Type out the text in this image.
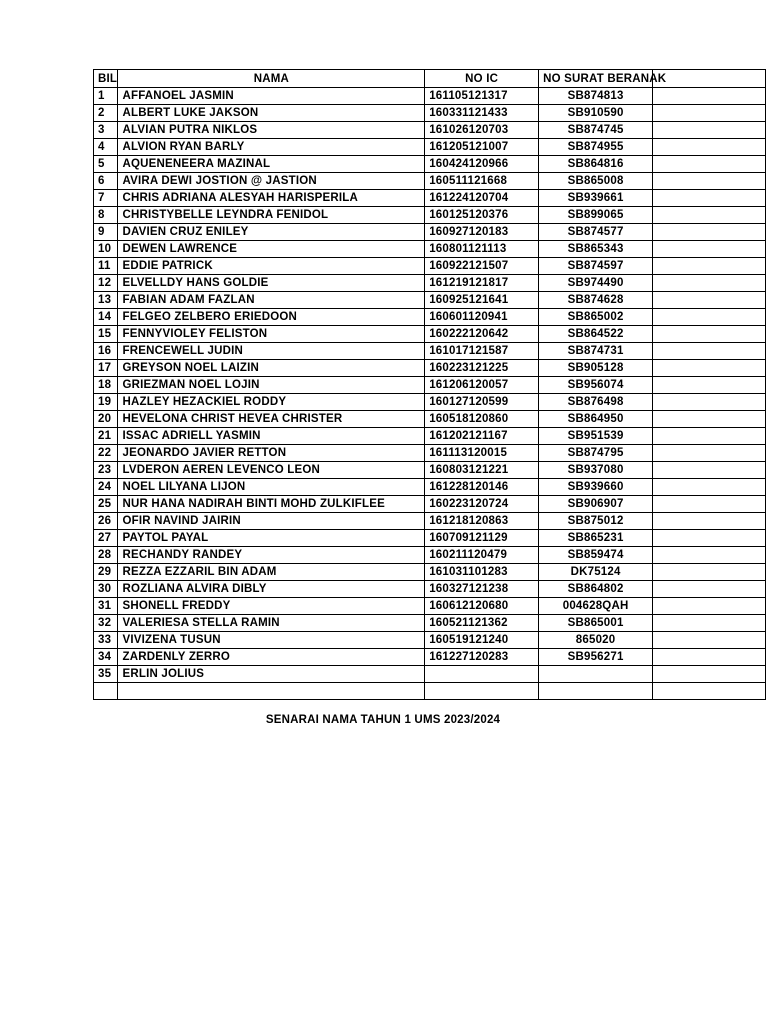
BIL	NAMA	NO IC	NO SURAT BERANAK	
1	AFFANOEL JASMIN	161105121317	SB874813	
2	ALBERT LUKE JAKSON	160331121433	SB910590	
3	ALVIAN PUTRA NIKLOS	161026120703	SB874745	
4	ALVION RYAN BARLY	161205121007	SB874955	
5	AQUENENEERA MAZINAL	160424120966	SB864816	
6	AVIRA DEWI JOSTION @ JASTION	160511121668	SB865008	
7	CHRIS ADRIANA ALESYAH HARISPERILA	161224120704	SB939661	
8	CHRISTYBELLE LEYNDRA FENIDOL	160125120376	SB899065	
9	DAVIEN CRUZ ENILEY	160927120183	SB874577	
10	DEWEN LAWRENCE	160801121113	SB865343	
11	EDDIE PATRICK	160922121507	SB874597	
12	ELVELLDY HANS GOLDIE	161219121817	SB974490	
13	FABIAN ADAM FAZLAN	160925121641	SB874628	
14	FELGEO ZELBERO ERIEDOON	160601120941	SB865002	
15	FENNYVIOLEY FELISTON	160222120642	SB864522	
16	FRENCEWELL JUDIN	161017121587	SB874731	
17	GREYSON NOEL LAIZIN	160223121225	SB905128	
18	GRIEZMAN NOEL LOJIN	161206120057	SB956074	
19	HAZLEY HEZACKIEL RODDY	160127120599	SB876498	
20	HEVELONA CHRIST HEVEA CHRISTER	160518120860	SB864950	
21	ISSAC ADRIELL YASMIN	161202121167	SB951539	
22	JEONARDO JAVIER RETTON	161113120015	SB874795	
23	LVDERON AEREN LEVENCO LEON	160803121221	SB937080	
24	NOEL LILYANA LIJON	161228120146	SB939660	
25	NUR HANA NADIRAH BINTI MOHD ZULKIFLEE	160223120724	SB906907	
26	OFIR NAVIND JAIRIN	161218120863	SB875012	
27	PAYTOL PAYAL	160709121129	SB865231	
28	RECHANDY RANDEY	160211120479	SB859474	
29	REZZA EZZARIL BIN ADAM	161031101283	DK75124	
30	ROZLIANA ALVIRA DIBLY	160327121238	SB864802	
31	SHONELL FREDDY	160612120680	004628QAH	
32	VALERIESA STELLA RAMIN	160521121362	SB865001	
33	VIVIZENA TUSUN	160519121240	865020	
34	ZARDENLY ZERRO	161227120283	SB956271	
35	ERLIN JOLIUS			

SENARAI NAMA TAHUN 1 UMS 2023/2024
